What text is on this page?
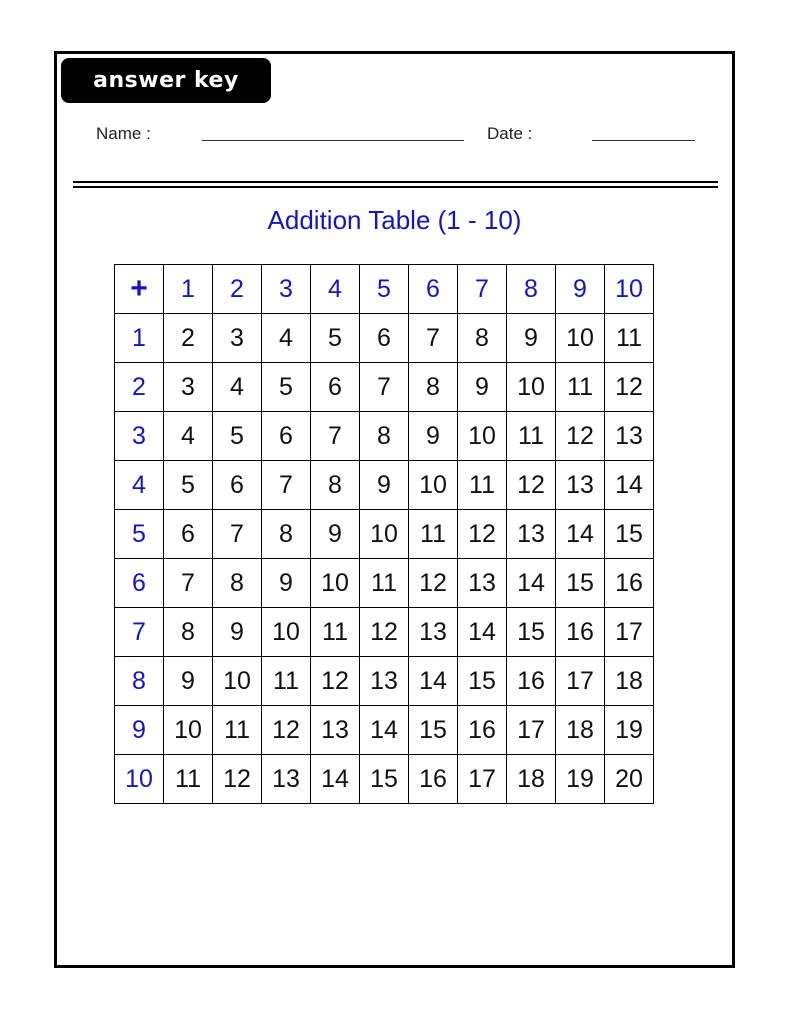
answer key
Name :	Date :
Addition Table (1 - 10)
+	1	2	3	4	5	6	7	8	9	10
1	2	3	4	5	6	7	8	9	10	11
2	3	4	5	6	7	8	9	10	11	12
3	4	5	6	7	8	9	10	11	12	13
4	5	6	7	8	9	10	11	12	13	14
5	6	7	8	9	10	11	12	13	14	15
6	7	8	9	10	11	12	13	14	15	16
7	8	9	10	11	12	13	14	15	16	17
8	9	10	11	12	13	14	15	16	17	18
9	10	11	12	13	14	15	16	17	18	19
10	11	12	13	14	15	16	17	18	19	20
